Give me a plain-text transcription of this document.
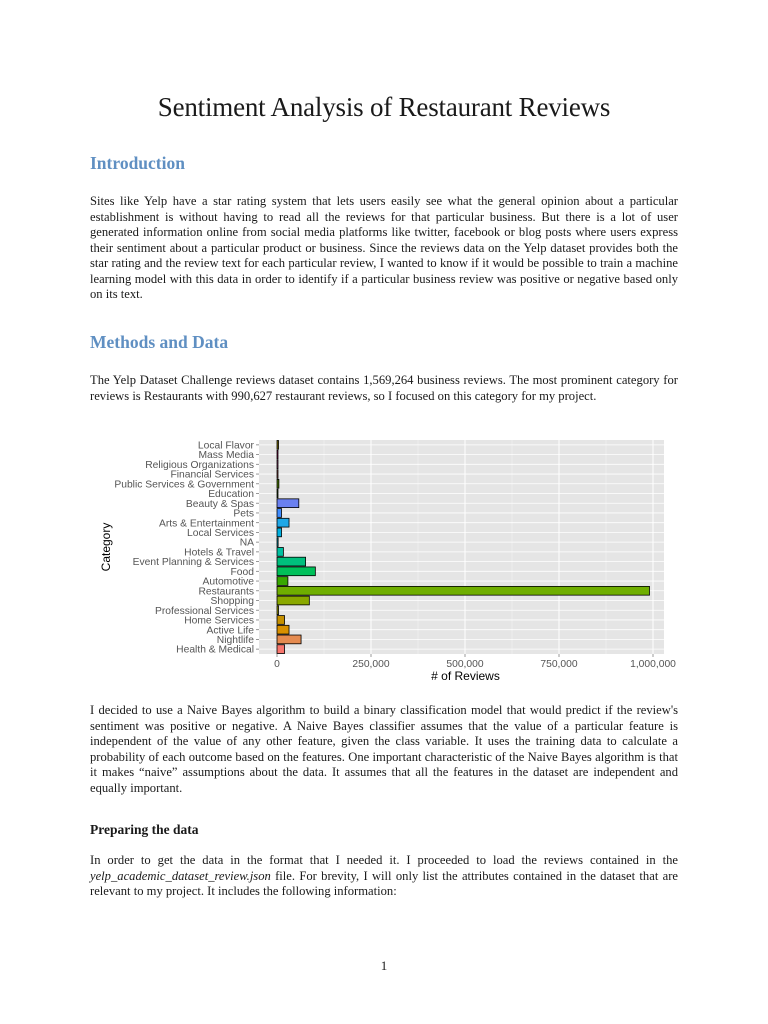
Sentiment Analysis of Restaurant Reviews
Introduction
Sites like Yelp have a star rating system that lets users easily see what the general opinion about a particular establishment is without having to read all the reviews for that particular business. But there is a lot of user generated information online from social media platforms like twitter, facebook or blog posts where users express their sentiment about a particular product or business. Since the reviews data on the Yelp dataset provides both the star rating and the review text for each particular review, I wanted to know if it would be possible to train a machine learning model with this data in order to identify if a particular business review was positive or negative based only on its text.
Methods and Data
The Yelp Dataset Challenge reviews dataset contains 1,569,264 business reviews. The most prominent category for reviews is Restaurants with 990,627 restaurant reviews, so I focused on this category for my project.
Local Flavor
Mass Media
Religious Organizations
Financial Services
Public Services & Government
Education
Beauty & Spas
Pets
Arts & Entertainment
Local Services
NA
Hotels & Travel
Event Planning & Services
Food
Automotive
Restaurants
Shopping
Professional Services
Home Services
Active Life
Nightlife
Health & Medical
0	250,000	500,000	750,000	1,000,000
# of Reviews
Category
I decided to use a Naive Bayes algorithm to build a binary classification model that would predict if the review's sentiment was positive or negative. A Naive Bayes classifier assumes that the value of a particular feature is independent of the value of any other feature, given the class variable. It uses the training data to calculate a probability of each outcome based on the features. One important characteristic of the Naive Bayes algorithm is that it makes “naive” assumptions about the data. It assumes that all the features in the dataset are independent and equally important.
Preparing the data
In order to get the data in the format that I needed it. I proceeded to load the reviews contained in the yelp_academic_dataset_review.json file. For brevity, I will only list the attributes contained in the dataset that are relevant to my project. It includes the following information:
1
